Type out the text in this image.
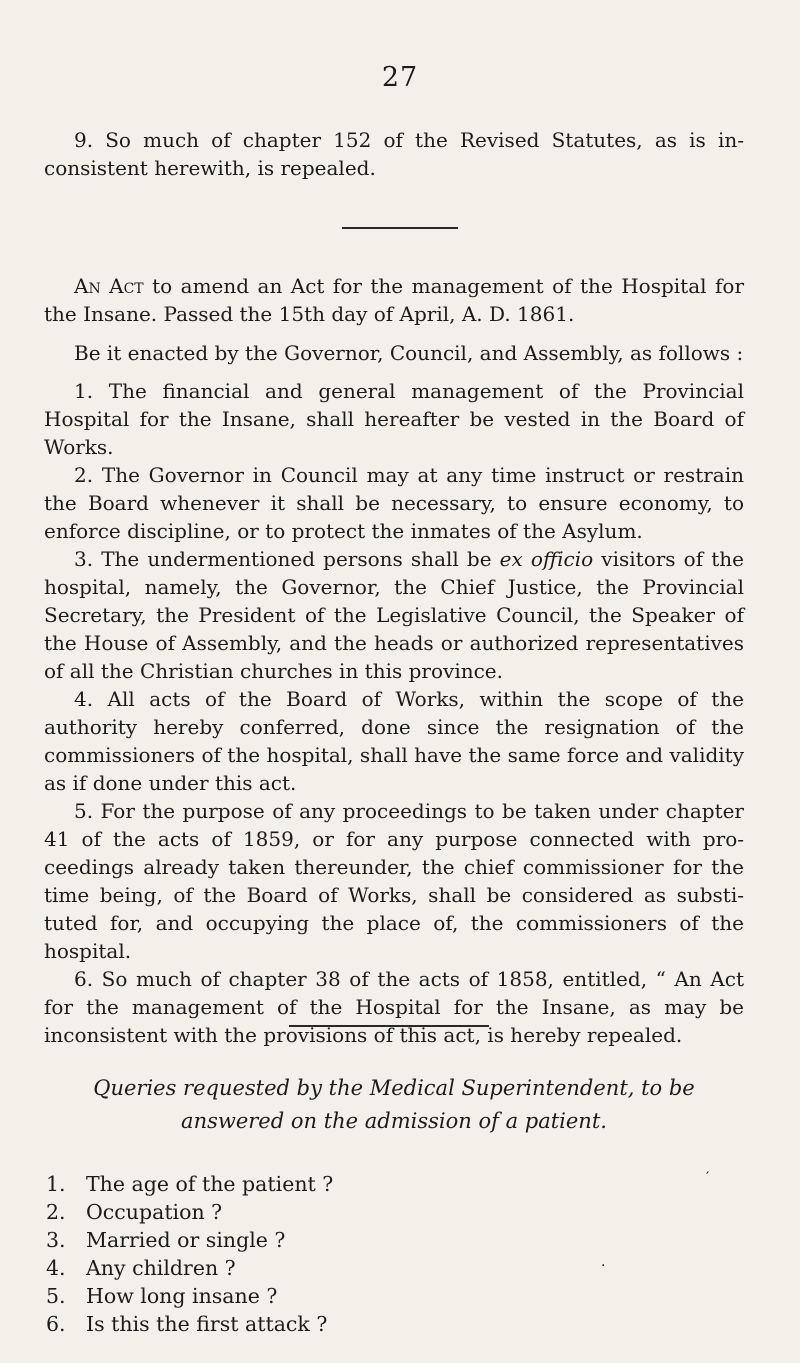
27

9. So much of chapter 152 of the Revised Statutes, as is inconsistent herewith, is repealed.

An Act to amend an Act for the management of the Hospital for the Insane. Passed the 15th day of April, A. D. 1861.

Be it enacted by the Governor, Council, and Assembly, as follows :

1. The financial and general management of the Provincial Hospital for the Insane, shall hereafter be vested in the Board of Works.

2. The Governor in Council may at any time instruct or restrain the Board whenever it shall be necessary, to ensure economy, to enforce discipline, or to protect the inmates of the Asylum.

3. The undermentioned persons shall be ex officio visitors of the hospital, namely, the Governor, the Chief Justice, the Provincial Secretary, the President of the Legislative Council, the Speaker of the House of Assembly, and the heads or authorized representatives of all the Christian churches in this province.

4. All acts of the Board of Works, within the scope of the authority hereby conferred, done since the resignation of the commissioners of the hospital, shall have the same force and validity as if done under this act.

5. For the purpose of any proceedings to be taken under chapter 41 of the acts of 1859, or for any purpose connected with proceedings already taken thereunder, the chief commissioner for the time being, of the Board of Works, shall be considered as substituted for, and occupying the place of, the commissioners of the hospital.

6. So much of chapter 38 of the acts of 1858, entitled, “ An Act for the management of the Hospital for the Insane, as may be inconsistent with the provisions of this act, is hereby repealed.

Queries requested by the Medical Superintendent, to be answered on the admission of a patient.
1. The age of the patient ?
2. Occupation ?
3. Married or single ?
4. Any children ?
5. How long insane ?
6. Is this the first attack ?
′
·
